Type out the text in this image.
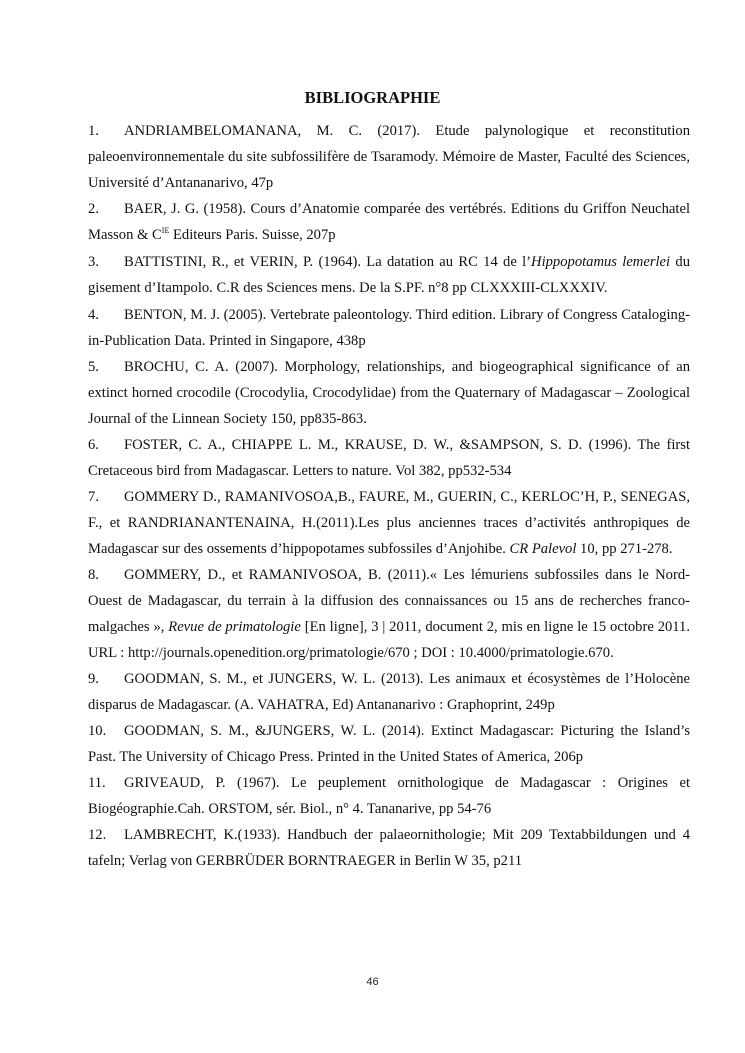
BIBLIOGRAPHIE

1. ANDRIAMBELOMANANA, M. C. (2017). Etude palynologique et reconstitution paleoenvironnementale du site subfossilifère de Tsaramody. Mémoire de Master, Faculté des Sciences, Université d’Antananarivo, 47p

2. BAER, J. G. (1958). Cours d’Anatomie comparée des vertébrés. Editions du Griffon Neuchatel Masson & $C^{IE}$ Editeurs Paris. Suisse, 207p

3. BATTISTINI, R., et VERIN, P. (1964). La datation au RC 14 de l’Hippopotamus lemerlei du gisement d’Itampolo. C.R des Sciences mens. De la S.PF. n°8 pp CLXXXIII-CLXXXIV.

4. BENTON, M. J. (2005). Vertebrate paleontology. Third edition. Library of Congress Cataloging-in-Publication Data. Printed in Singapore, 438p

5. BROCHU, C. A. (2007). Morphology, relationships, and biogeographical significance of an extinct horned crocodile (Crocodylia, Crocodylidae) from the Quaternary of Madagascar – Zoological Journal of the Linnean Society 150, pp835-863.

6. FOSTER, C. A., CHIAPPE L. M., KRAUSE, D. W., &SAMPSON, S. D. (1996). The first Cretaceous bird from Madagascar. Letters to nature. Vol 382, pp532-534

7. GOMMERY D., RAMANIVOSOA,B., FAURE, M., GUERIN, C., KERLOC’H, P., SENEGAS, F., et RANDRIANANTENAINA, H.(2011).Les plus anciennes traces d’activités anthropiques de Madagascar sur des ossements d’hippopotames subfossiles d’Anjohibe. CR Palevol 10, pp 271-278.

8. GOMMERY, D., et RAMANIVOSOA, B. (2011).« Les lémuriens subfossiles dans le Nord-Ouest de Madagascar, du terrain à la diffusion des connaissances ou 15 ans de recherches franco-malgaches », Revue de primatologie [En ligne], 3 | 2011, document 2, mis en ligne le 15 octobre 2011. URL : http://journals.openedition.org/primatologie/670 ; DOI : 10.4000/primatologie.670.

9. GOODMAN, S. M., et JUNGERS, W. L. (2013). Les animaux et écosystèmes de l’Holocène disparus de Madagascar. (A. VAHATRA, Ed) Antananarivo : Graphoprint, 249p

10. GOODMAN, S. M., &JUNGERS, W. L. (2014). Extinct Madagascar: Picturing the Island’s Past. The University of Chicago Press. Printed in the United States of America, 206p

11. GRIVEAUD, P. (1967). Le peuplement ornithologique de Madagascar : Origines et Biogéographie.Cah. ORSTOM, sér. Biol., n° 4. Tananarive, pp 54-76

12. LAMBRECHT, K.(1933). Handbuch der palaeornithologie; Mit 209 Textabbildungen und 4 tafeln; Verlag von GERBRÜDER BORNTRAEGER in Berlin W 35, p211

46
